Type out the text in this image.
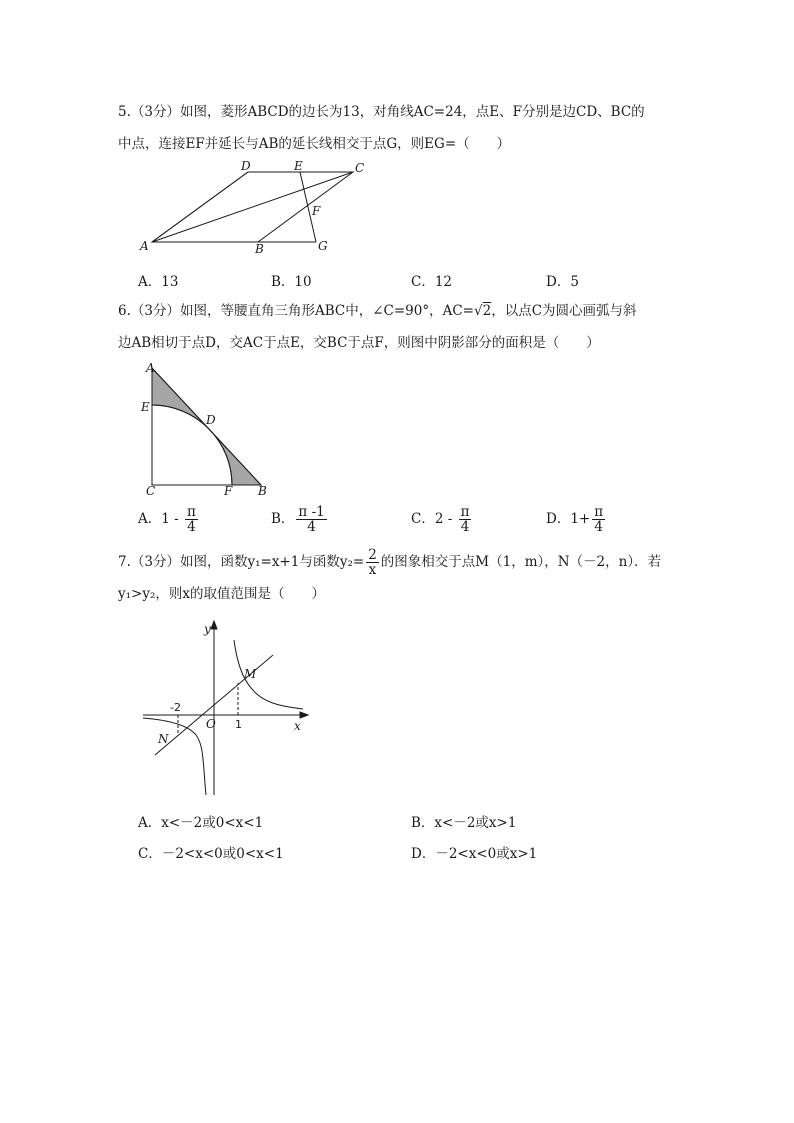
5.（3分）如图，菱形ABCD的边长为13，对角线AC=24，点E、F分别是边CD、BC的
中点，连接EF并延长与AB的延长线相交于点G，则EG=（　　）
A
D	E	C
F
B	G
A．13	B．10	C．12	D．5
6.（3分）如图，等腰直角三角形ABC中，∠C=90°，AC=√2，以点C为圆心画弧与斜
边AB相切于点D，交AC于点E，交BC于点F，则图中阴影部分的面积是（　　）
A
E
D
C	F B
A．$1 - \frac{\pi}{4}$	B． $\frac{\pi -1}{4}$	C．$2 - \frac{\pi}{4}$	D．$1+ \frac{\pi}{4}$
7.（3分）如图，函数y₁=x+1与函数$y_2= \frac{2}{x}$ 的图象相交于点M（1，m），N（－2，n）．若
y₁>y₂，则x的取值范围是（　　）
y
x
O
M
N
-2
1
A．x<－2或0<x<1	B．x<－2或x>1
C．－2<x<0或0<x<1	D．－2<x<0或x>1
